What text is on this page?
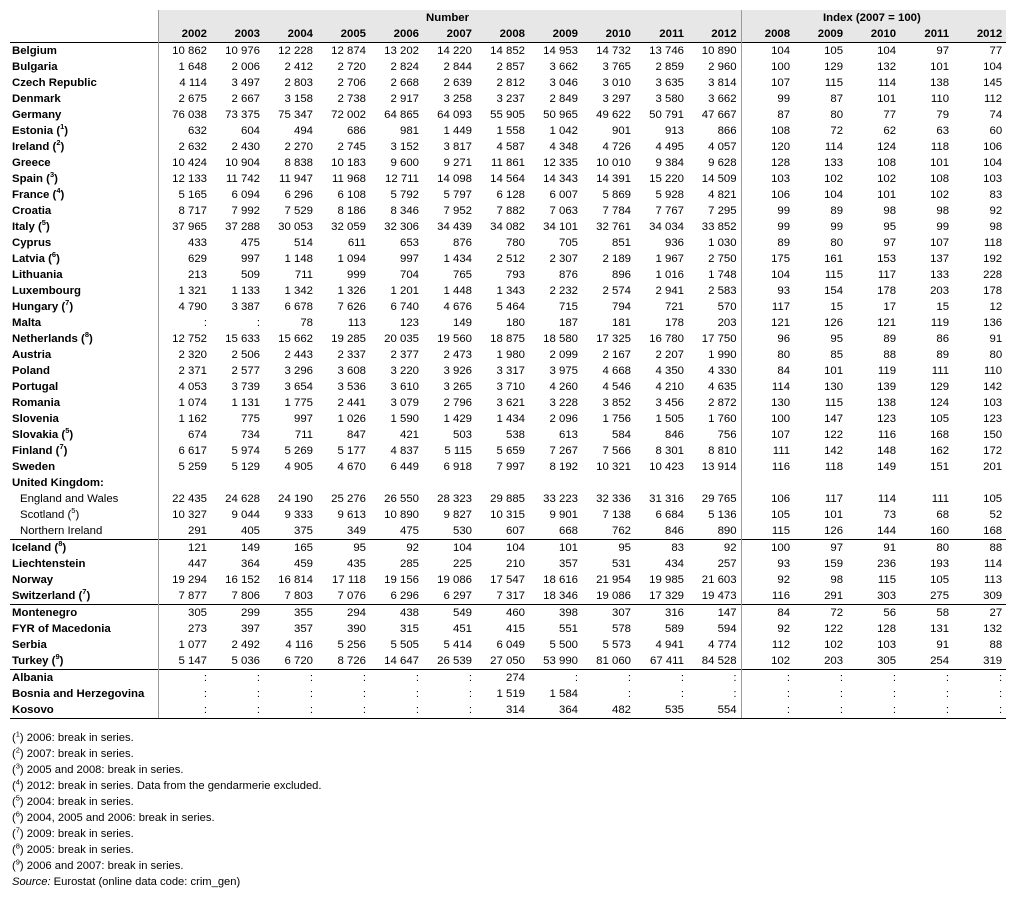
	Number											Index (2007 = 100)				
	2002	2003	2004	2005	2006	2007	2008	2009	2010	2011	2012	2008	2009	2010	2011	2012
Belgium	10 862	10 976	12 228	12 874	13 202	14 220	14 852	14 953	14 732	13 746	10 890	104	105	104	97	77
Bulgaria	1 648	2 006	2 412	2 720	2 824	2 844	2 857	3 662	3 765	2 859	2 960	100	129	132	101	104
Czech Republic	4 114	3 497	2 803	2 706	2 668	2 639	2 812	3 046	3 010	3 635	3 814	107	115	114	138	145
Denmark	2 675	2 667	3 158	2 738	2 917	3 258	3 237	2 849	3 297	3 580	3 662	99	87	101	110	112
Germany	76 038	73 375	75 347	72 002	64 865	64 093	55 905	50 965	49 622	50 791	47 667	87	80	77	79	74
Estonia ($^1$)	632	604	494	686	981	1 449	1 558	1 042	901	913	866	108	72	62	63	60
Ireland ($^2$)	2 632	2 430	2 270	2 745	3 152	3 817	4 587	4 348	4 726	4 495	4 057	120	114	124	118	106
Greece	10 424	10 904	8 838	10 183	9 600	9 271	11 861	12 335	10 010	9 384	9 628	128	133	108	101	104
Spain ($^3$)	12 133	11 742	11 947	11 968	12 711	14 098	14 564	14 343	14 391	15 220	14 509	103	102	102	108	103
France ($^4$)	5 165	6 094	6 296	6 108	5 792	5 797	6 128	6 007	5 869	5 928	4 821	106	104	101	102	83
Croatia	8 717	7 992	7 529	8 186	8 346	7 952	7 882	7 063	7 784	7 767	7 295	99	89	98	98	92
Italy ($^5$)	37 965	37 288	30 053	32 059	32 306	34 439	34 082	34 101	32 761	34 034	33 852	99	99	95	99	98
Cyprus	433	475	514	611	653	876	780	705	851	936	1 030	89	80	97	107	118
Latvia ($^6$)	629	997	1 148	1 094	997	1 434	2 512	2 307	2 189	1 967	2 750	175	161	153	137	192
Lithuania	213	509	711	999	704	765	793	876	896	1 016	1 748	104	115	117	133	228
Luxembourg	1 321	1 133	1 342	1 326	1 201	1 448	1 343	2 232	2 574	2 941	2 583	93	154	178	203	178
Hungary ($^7$)	4 790	3 387	6 678	7 626	6 740	4 676	5 464	715	794	721	570	117	15	17	15	12
Malta	:	:	78	113	123	149	180	187	181	178	203	121	126	121	119	136
Netherlands ($^8$)	12 752	15 633	15 662	19 285	20 035	19 560	18 875	18 580	17 325	16 780	17 750	96	95	89	86	91
Austria	2 320	2 506	2 443	2 337	2 377	2 473	1 980	2 099	2 167	2 207	1 990	80	85	88	89	80
Poland	2 371	2 577	3 296	3 608	3 220	3 926	3 317	3 975	4 668	4 350	4 330	84	101	119	111	110
Portugal	4 053	3 739	3 654	3 536	3 610	3 265	3 710	4 260	4 546	4 210	4 635	114	130	139	129	142
Romania	1 074	1 131	1 775	2 441	3 079	2 796	3 621	3 228	3 852	3 456	2 872	130	115	138	124	103
Slovenia	1 162	775	997	1 026	1 590	1 429	1 434	2 096	1 756	1 505	1 760	100	147	123	105	123
Slovakia ($^5$)	674	734	711	847	421	503	538	613	584	846	756	107	122	116	168	150
Finland ($^7$)	6 617	5 974	5 269	5 177	4 837	5 115	5 659	7 267	7 566	8 301	8 810	111	142	148	162	172
Sweden	5 259	5 129	4 905	4 670	6 449	6 918	7 997	8 192	10 321	10 423	13 914	116	118	149	151	201
United Kingdom:																
England and Wales	22 435	24 628	24 190	25 276	26 550	28 323	29 885	33 223	32 336	31 316	29 765	106	117	114	111	105
Scotland ($^5$)	10 327	9 044	9 333	9 613	10 890	9 827	10 315	9 901	7 138	6 684	5 136	105	101	73	68	52
Northern Ireland	291	405	375	349	475	530	607	668	762	846	890	115	126	144	160	168
Iceland ($^8$)	121	149	165	95	92	104	104	101	95	83	92	100	97	91	80	88
Liechtenstein	447	364	459	435	285	225	210	357	531	434	257	93	159	236	193	114
Norway	19 294	16 152	16 814	17 118	19 156	19 086	17 547	18 616	21 954	19 985	21 603	92	98	115	105	113
Switzerland ($^7$)	7 877	7 806	7 803	7 076	6 296	6 297	7 317	18 346	19 086	17 329	19 473	116	291	303	275	309
Montenegro	305	299	355	294	438	549	460	398	307	316	147	84	72	56	58	27
FYR of Macedonia	273	397	357	390	315	451	415	551	578	589	594	92	122	128	131	132
Serbia	1 077	2 492	4 116	5 256	5 505	5 414	6 049	5 500	5 573	4 941	4 774	112	102	103	91	88
Turkey ($^9$)	5 147	5 036	6 720	8 726	14 647	26 539	27 050	53 990	81 060	67 411	84 528	102	203	305	254	319
Albania	:	:	:	:	:	:	274	:	:	:	:	:	:	:	:	:
Bosnia and Herzegovina	:	:	:	:	:	:	1 519	1 584	:	:	:	:	:	:	:	:
Kosovo	:	:	:	:	:	:	314	364	482	535	554	:	:	:	:	:
($^1$) 2006: break in series.
($^2$) 2007: break in series.
($^3$) 2005 and 2008: break in series.
($^4$) 2012: break in series. Data from the gendarmerie excluded.
($^5$) 2004: break in series.
($^6$) 2004, 2005 and 2006: break in series.
($^7$) 2009: break in series.
($^8$) 2005: break in series.
($^9$) 2006 and 2007: break in series.
Source: Eurostat (online data code: crim_gen)
